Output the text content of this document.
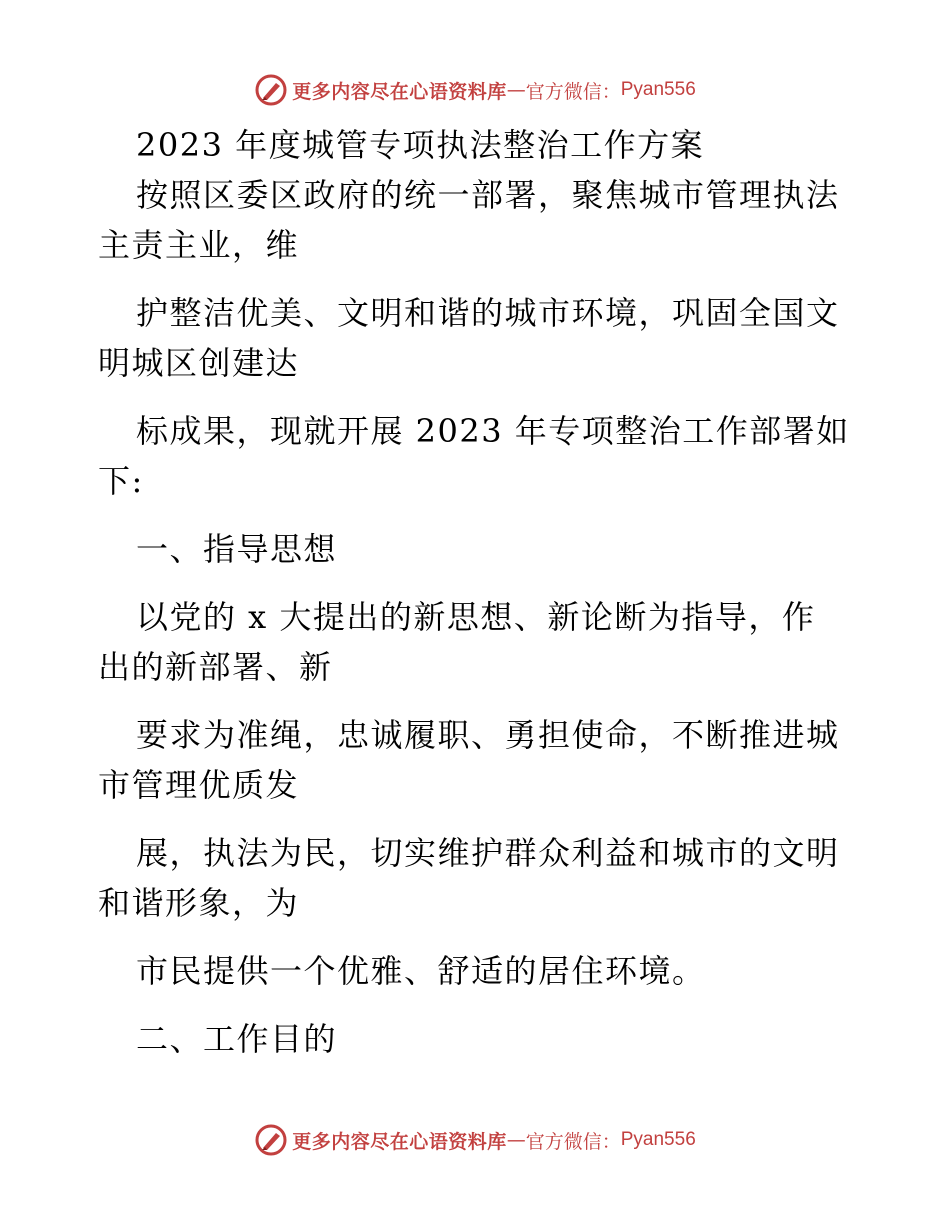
更多内容尽在心语资料库 — 官方微信： Pyan556
2023 年度城管专项执法整治工作方案
按照区委区政府的统一部署，聚焦城市管理执法
主责主业，维
护整洁优美、文明和谐的城市环境，巩固全国文
明城区创建达
标成果，现就开展 2023 年专项整治工作部署如
下:
一、指导思想
以党的 x 大提出的新思想、新论断为指导，作
出的新部署、新
要求为准绳，忠诚履职、勇担使命，不断推进城
市管理优质发
展，执法为民，切实维护群众利益和城市的文明
和谐形象，为
市民提供一个优雅、舒适的居住环境。
二、工作目的
更多内容尽在心语资料库 — 官方微信： Pyan556
